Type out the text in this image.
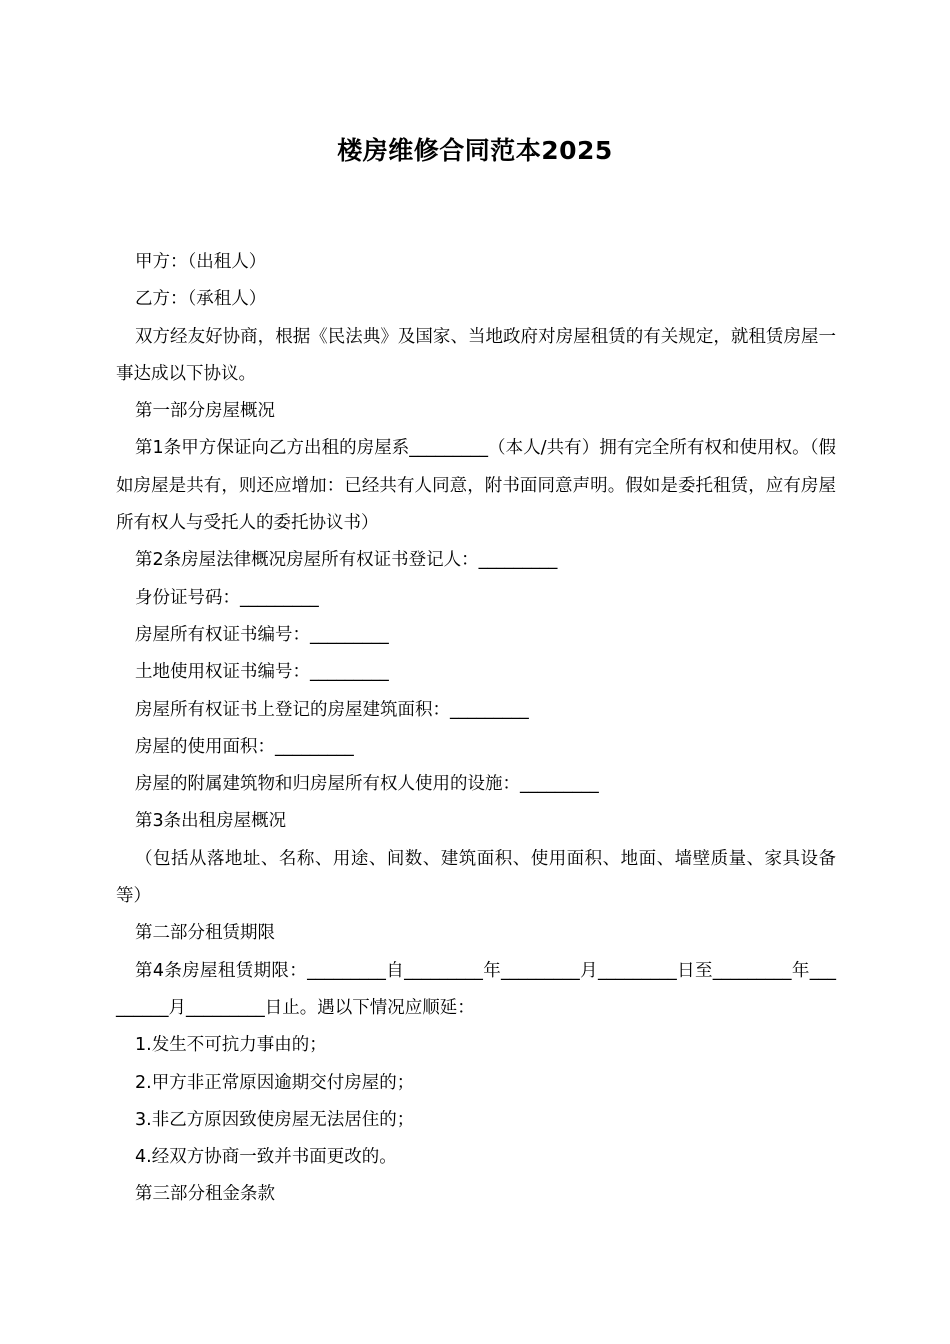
楼房维修合同范本2025

甲方：（出租人）

乙方：（承租人）

双方经友好协商，根据《民法典》及国家、当地政府对房屋租赁的有关规定，就租赁房屋一事达成以下协议。

第一部分房屋概况

第1条甲方保证向乙方出租的房屋系_________（本人/共有）拥有完全所有权和使用权。（假如房屋是共有，则还应增加：已经共有人同意，附书面同意声明。假如是委托租赁，应有房屋所有权人与受托人的委托协议书）

第2条房屋法律概况房屋所有权证书登记人：_________

身份证号码：_________

房屋所有权证书编号：_________

土地使用权证书编号：_________

房屋所有权证书上登记的房屋建筑面积：_________

房屋的使用面积：_________

房屋的附属建筑物和归房屋所有权人使用的设施：_________

第3条出租房屋概况

（包括从落地址、名称、用途、间数、建筑面积、使用面积、地面、墙壁质量、家具设备等）

第二部分租赁期限

第4条房屋租赁期限：_________自_________年_________月_________日至_________年_________月_________日止。遇以下情况应顺延：

1.发生不可抗力事由的；

2.甲方非正常原因逾期交付房屋的；

3.非乙方原因致使房屋无法居住的；

4.经双方协商一致并书面更改的。

第三部分租金条款
